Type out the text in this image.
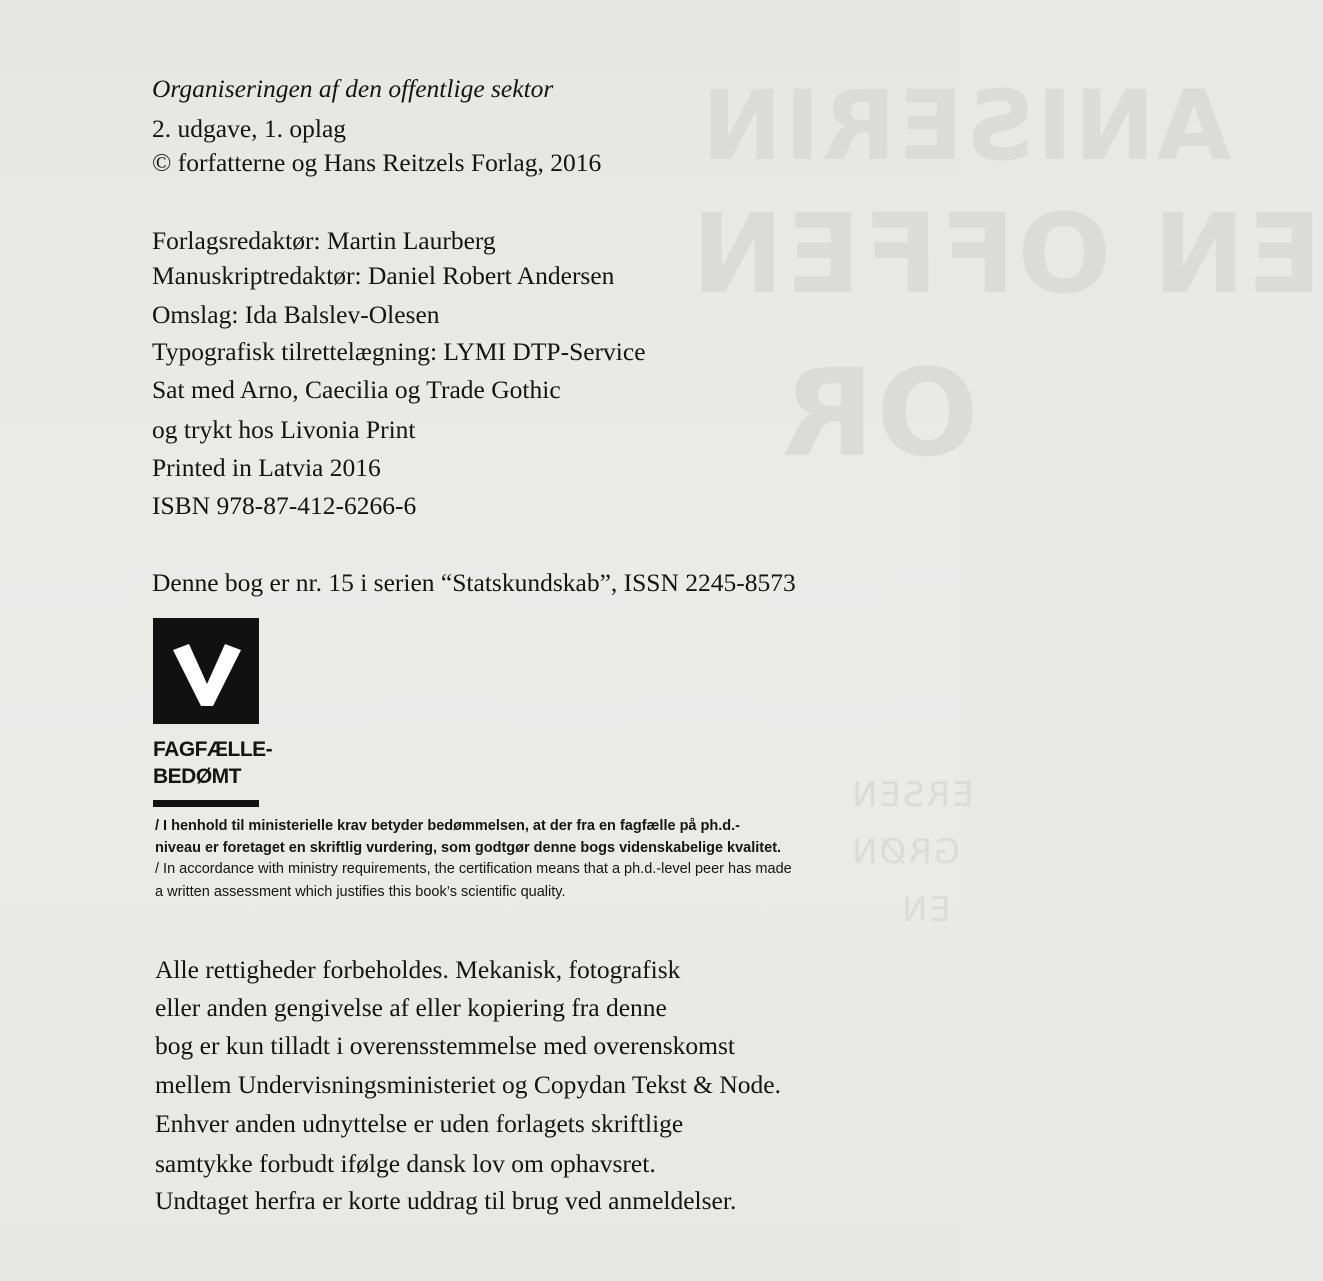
ANISERIN
EN OFFEN
OR
ERSEN
GRØN
EN
Organiseringen af den offentlige sektor
2. udgave, 1. oplag
© forfatterne og Hans Reitzels Forlag, 2016
Forlagsredaktør: Martin Laurberg
Manuskriptredaktør: Daniel Robert Andersen
Omslag: Ida Balslev-Olesen
Typografisk tilrettelægning: LYMI DTP-Service
Sat med Arno, Caecilia og Trade Gothic
og trykt hos Livonia Print
Printed in Latvia 2016
ISBN 978-87-412-6266-6
Denne bog er nr. 15 i serien “Statskundskab”, ISSN 2245-8573
FAGFÆLLE-
BEDØMT
/ I henhold til ministerielle krav betyder bedømmelsen, at der fra en fagfælle på ph.d.-
niveau er foretaget en skriftlig vurdering, som godtgør denne bogs videnskabelige kvalitet.
/ In accordance with ministry requirements, the certification means that a ph.d.-level peer has made
a written assessment which justifies this book’s scientific quality.
Alle rettigheder forbeholdes. Mekanisk, fotografisk
eller anden gengivelse af eller kopiering fra denne
bog er kun tilladt i overensstemmelse med overenskomst
mellem Undervisningsministeriet og Copydan Tekst & Node.
Enhver anden udnyttelse er uden forlagets skriftlige
samtykke forbudt ifølge dansk lov om ophavsret.
Undtaget herfra er korte uddrag til brug ved anmeldelser.
